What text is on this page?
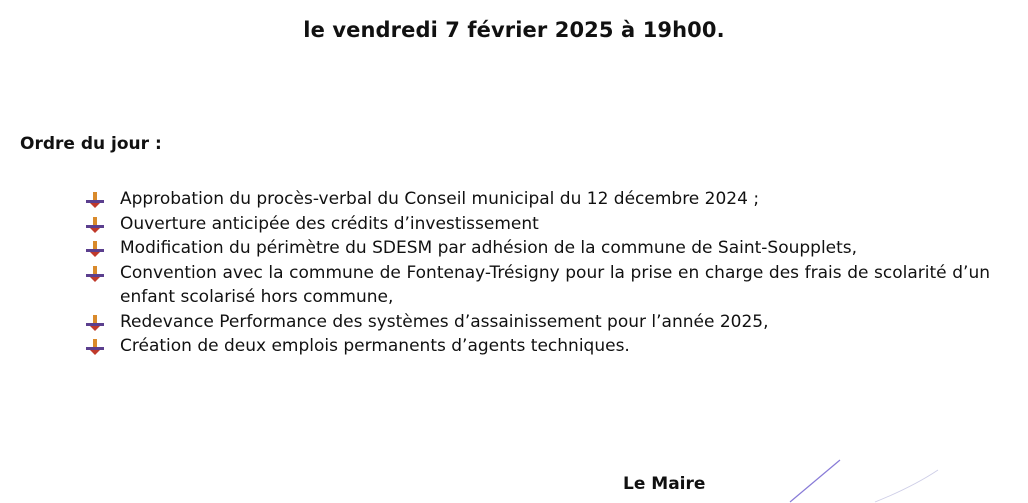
le vendredi 7 février 2025 à 19h00.
Ordre du jour :
Approbation du procès-verbal du Conseil municipal du 12 décembre 2024 ;
Ouverture anticipée des crédits d’investissement
Modification du périmètre du SDESM par adhésion de la commune de Saint-Soupplets,
Convention avec la commune de Fontenay-Trésigny pour la prise en charge des frais de scolarité d’un enfant scolarisé hors commune,
Redevance Performance des systèmes d’assainissement pour l’année 2025,
Création de deux emplois permanents d’agents techniques.
Le Maire
